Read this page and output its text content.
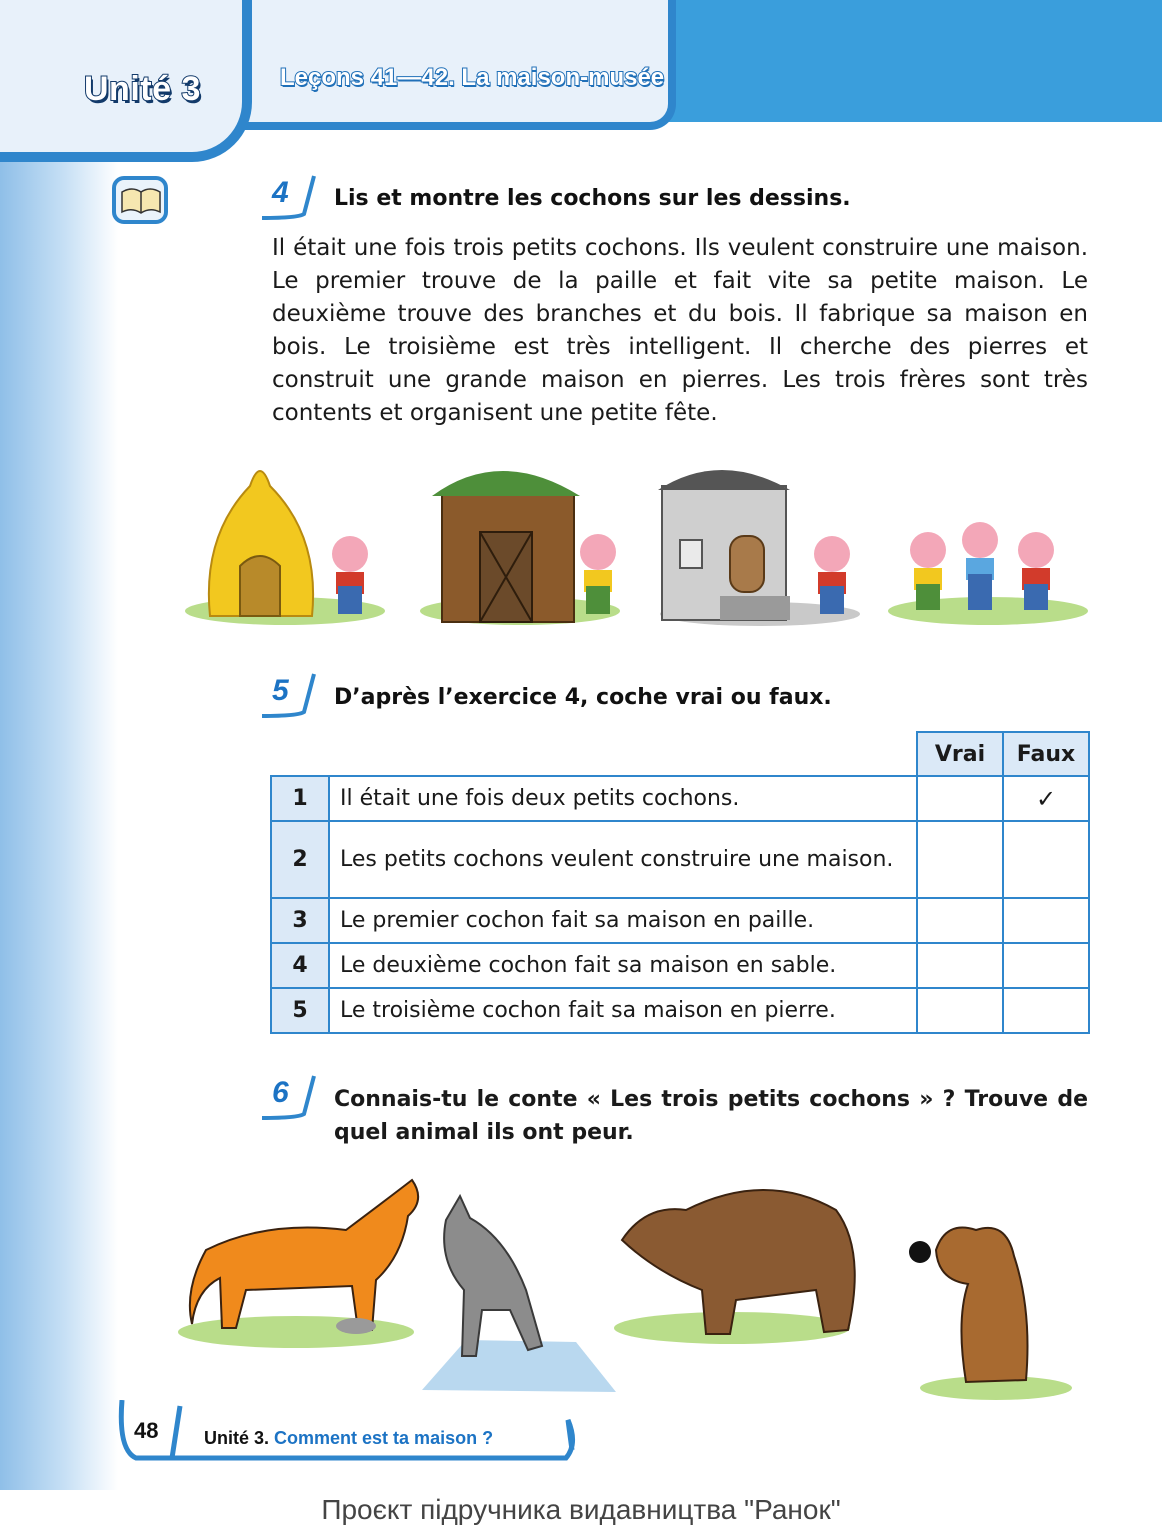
Unité 3	Leçons 41—42. La maison-musée
4 Lis et montre les cochons sur les dessins.
Il était une fois trois petits cochons. Ils veulent construire une maison. Le premier trouve de la paille et fait vite sa petite maison. Le deuxième trouve des branches et du bois. Il fabrique sa maison en bois. Le troisième est très intelligent. Il cherche des pierres et construit une grande maison en pierres. Les trois frères sont très contents et organisent une petite fête.
5 D’après l’exercice 4, coche vrai ou faux.
		Vrai	Faux
1	Il était une fois deux petits cochons.		✓
2	Les petits cochons veulent construire une maison.		
3	Le premier cochon fait sa maison en paille.		
4	Le deuxième cochon fait sa maison en sable.		
5	Le troisième cochon fait sa maison en pierre.		
6 Connais-tu le conte « Les trois petits cochons » ? Trouve de quel animal ils ont peur.
48	Unité 3. Comment est ta maison ?
Проєкт підручника видавництва "Ранок"
